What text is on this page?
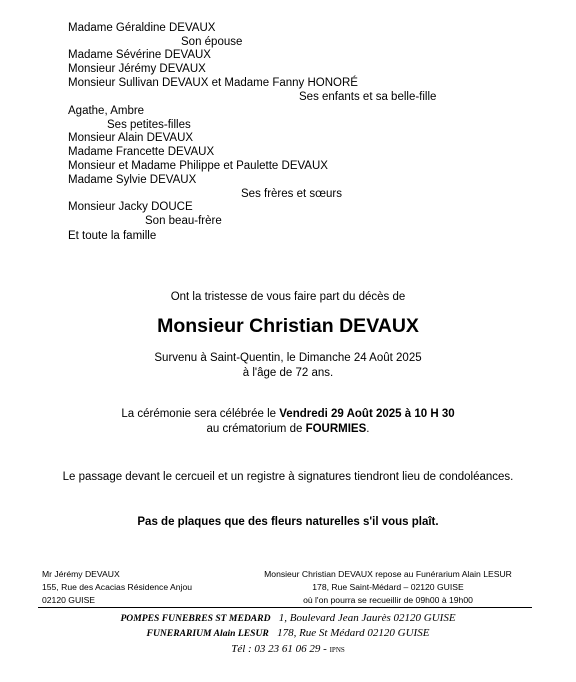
Madame Géraldine DEVAUX
Son épouse
Madame Sévérine DEVAUX
Monsieur Jérémy DEVAUX
Monsieur Sullivan DEVAUX et Madame Fanny HONORÉ
Ses enfants et sa belle-fille
Agathe, Ambre
Ses petites-filles
Monsieur Alain DEVAUX
Madame Francette DEVAUX
Monsieur et Madame Philippe et Paulette DEVAUX
Madame Sylvie DEVAUX
Ses frères et sœurs
Monsieur Jacky DOUCE
Son beau-frère
Et toute la famille
Ont la tristesse de vous faire part du décès de
Monsieur Christian DEVAUX
Survenu à Saint-Quentin, le Dimanche 24 Août 2025
à l'âge de 72 ans.
La cérémonie sera célébrée le Vendredi 29 Août 2025 à 10 H 30
au crématorium de FOURMIES.
Le passage devant le cercueil et un registre à signatures tiendront lieu de condoléances.
Pas de plaques que des fleurs naturelles s'il vous plaît.
Mr Jérémy DEVAUX
155, Rue des Acacias Résidence Anjou
02120 GUISE
Monsieur Christian DEVAUX repose au Funérarium Alain LESUR
178, Rue Saint-Médard – 02120 GUISE
où l'on pourra se recueillir de 09h00 à 19h00
POMPES FUNEBRES ST MEDARD 1, Boulevard Jean Jaurès 02120 GUISE
FUNERARIUM Alain LESUR 178, Rue St Médard 02120 GUISE
Tél : 03 23 61 06 29 - IPNS
